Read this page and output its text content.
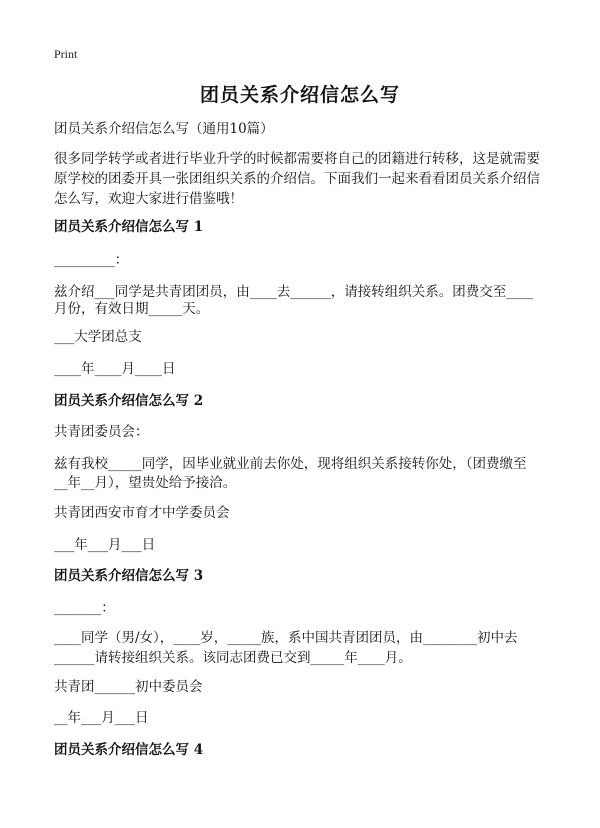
Print
团员关系介绍信怎么写
团员关系介绍信怎么写（通用10篇）
很多同学转学或者进行毕业升学的时候都需要将自己的团籍进行转移，这是就需要
原学校的团委开具一张团组织关系的介绍信。下面我们一起来看看团员关系介绍信
怎么写，欢迎大家进行借鉴哦！
团员关系介绍信怎么写 1
_________：
兹介绍___同学是共青团团员，由____去______，请接转组织关系。团费交至____
月份，有效日期_____天。
___大学团总支
____年____月____日
团员关系介绍信怎么写 2
共青团委员会：
兹有我校_____同学，因毕业就业前去你处，现将组织关系接转你处，（团费缴至
__年__月），望贵处给予接洽。
共青团西安市育才中学委员会
___年___月___日
团员关系介绍信怎么写 3
_______：
____同学（男/女），____岁，_____族，系中国共青团团员，由________初中去
______请转接组织关系。该同志团费已交到_____年____月。
共青团______初中委员会
__年___月___日
团员关系介绍信怎么写 4
